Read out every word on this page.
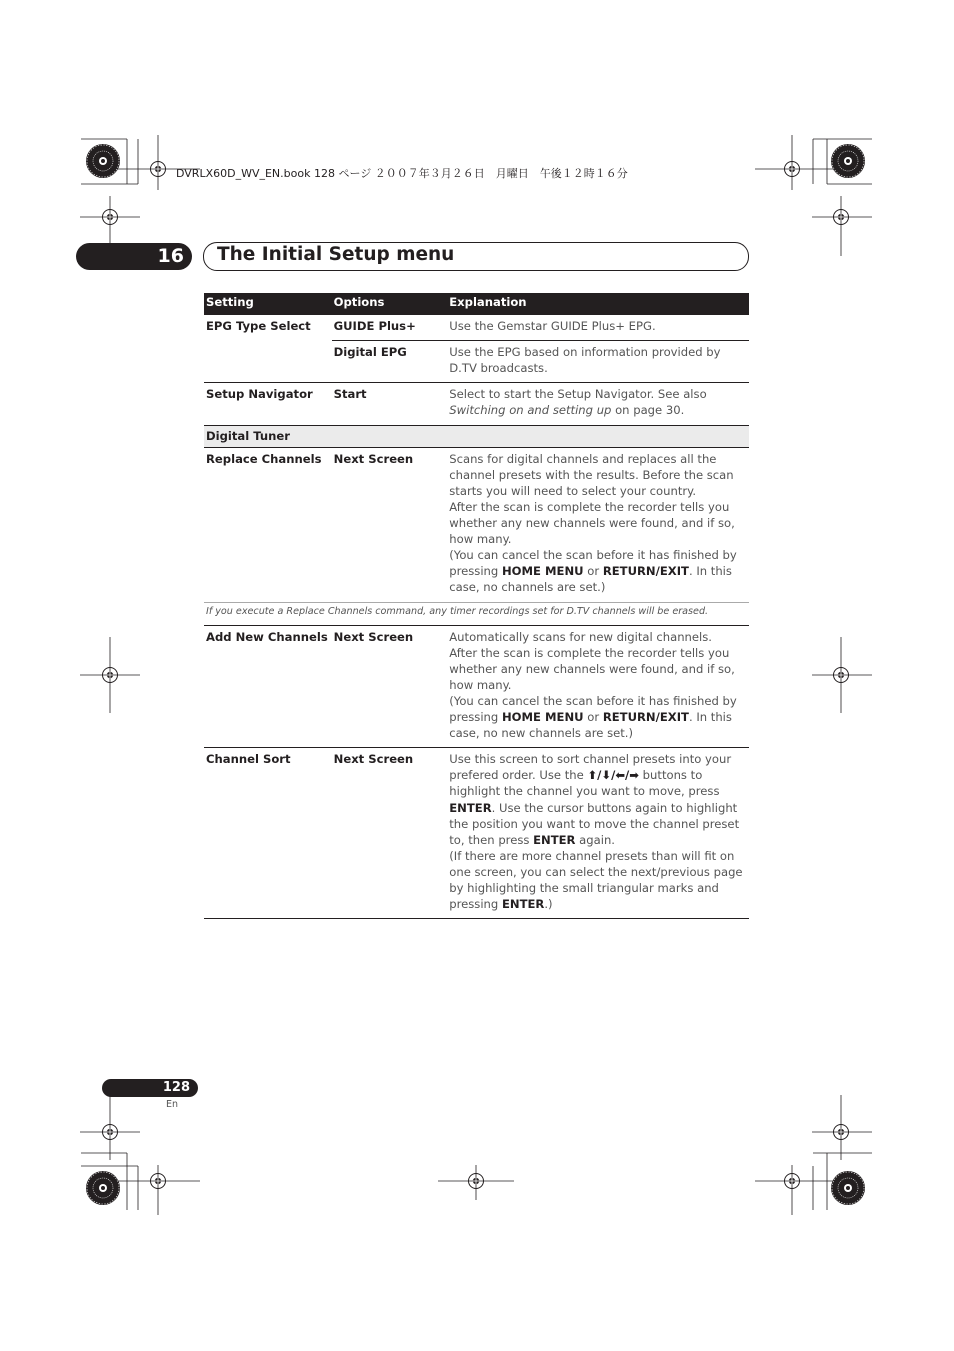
DVRLX60D_WV_EN.book 128 ページ ２００７年３月２６日　月曜日　午後１２時１６分
16 The Initial Setup menu
Setting	Options	Explanation
EPG Type Select	GUIDE Plus+	Use the Gemstar GUIDE Plus+ EPG.
	Digital EPG	Use the EPG based on information provided by D.TV broadcasts.
Setup Navigator	Start	Select to start the Setup Navigator. See also Switching on and setting up on page 30.
Digital Tuner		
Replace Channels	Next Screen	Scans for digital channels and replaces all the channel presets with the results. Before the scan starts you will need to select your country.
After the scan is complete the recorder tells you whether any new channels were found, and if so, how many.
(You can cancel the scan before it has finished by pressing HOME MENU or RETURN/EXIT. In this case, no channels are set.)
If you execute a Replace Channels command, any timer recordings set for D.TV channels will be erased.		
Add New Channels	Next Screen	Automatically scans for new digital channels.
After the scan is complete the recorder tells you whether any new channels were found, and if so, how many.
(You can cancel the scan before it has finished by pressing HOME MENU or RETURN/EXIT. In this case, no new channels are set.)
Channel Sort	Next Screen	Use this screen to sort channel presets into your prefered order. Use the ⬆/⬇/⬅/➡ buttons to highlight the channel you want to move, press ENTER. Use the cursor buttons again to highlight the position you want to move the channel preset to, then press ENTER again.
(If there are more channel presets than will fit on one screen, you can select the next/previous page by highlighting the small triangular marks and pressing ENTER.)
128
En
